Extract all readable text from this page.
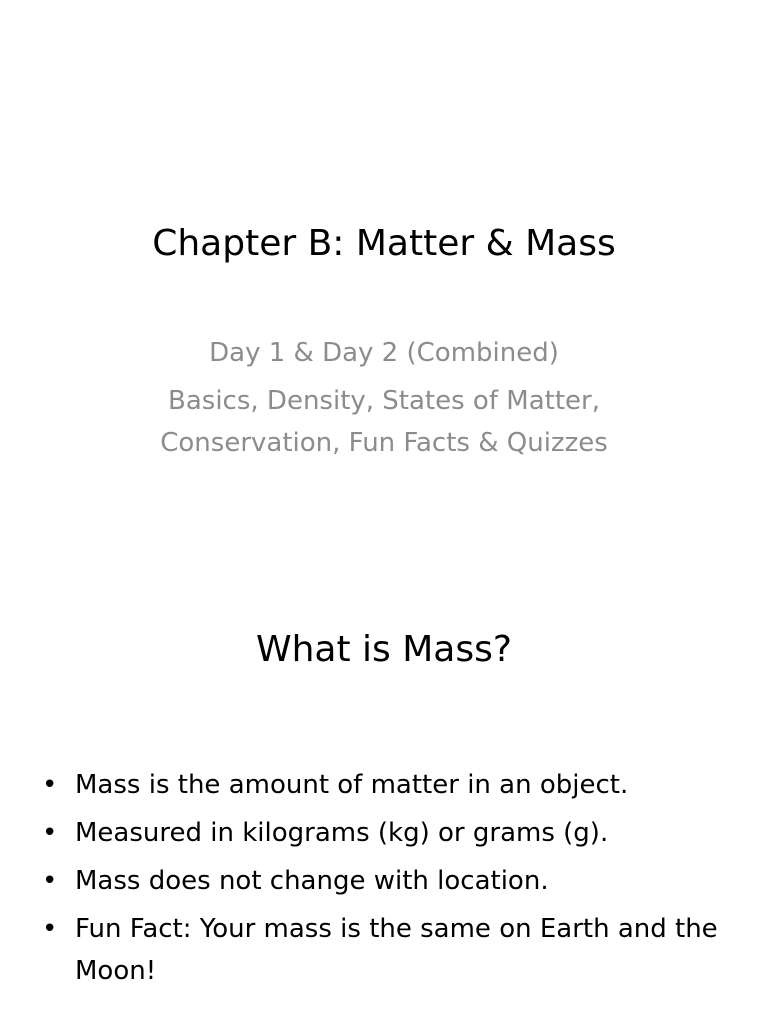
Chapter B: Matter & Mass
Day 1 & Day 2 (Combined)
Basics, Density, States of Matter, Conservation, Fun Facts & Quizzes
What is Mass?
• Mass is the amount of matter in an object.
• Measured in kilograms (kg) or grams (g).
• Mass does not change with location.
• Fun Fact: Your mass is the same on Earth and the Moon!
